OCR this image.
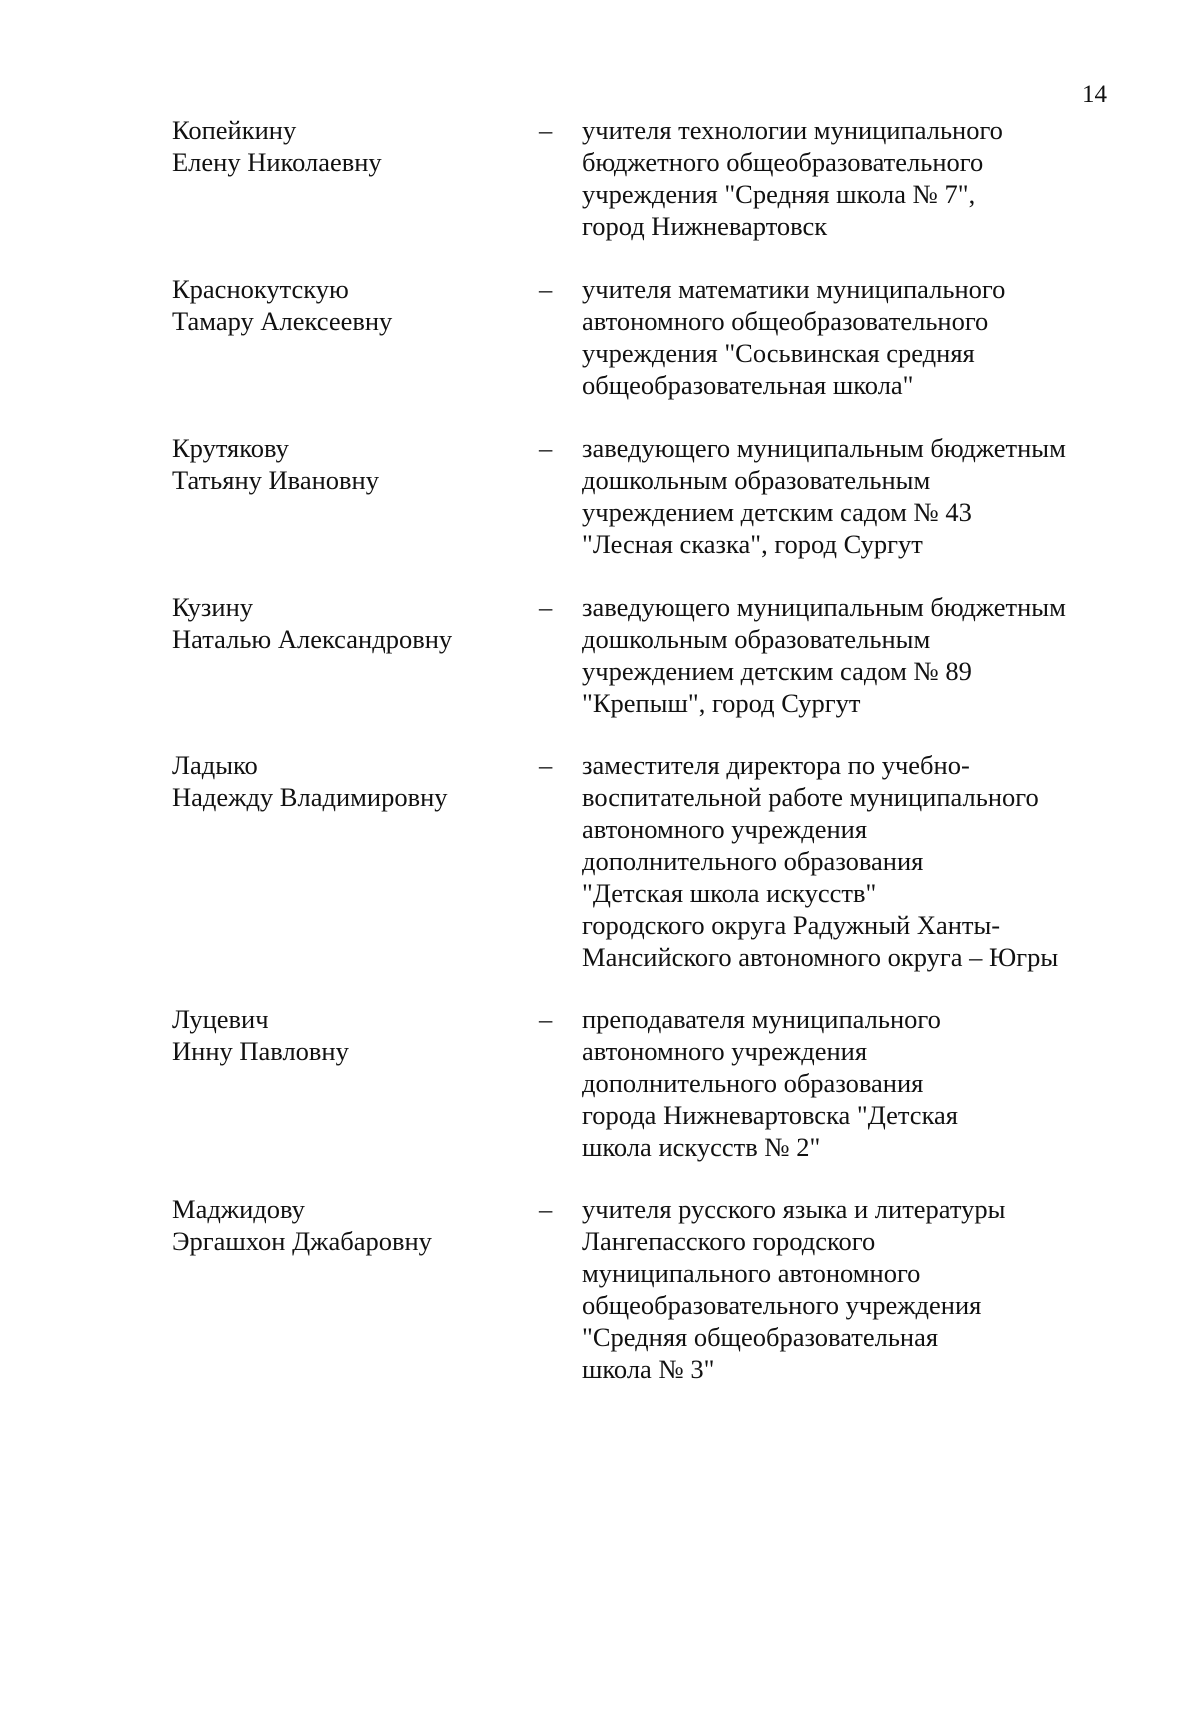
14
Копейкину
Елену Николаевну
–	учителя технологии муниципального
бюджетного общеобразовательного
учреждения "Средняя школа № 7",
город Нижневартовск
Краснокутскую
Тамару Алексеевну
–	учителя математики муниципального
автономного общеобразовательного
учреждения "Сосьвинская средняя
общеобразовательная школа"
Крутякову
Татьяну Ивановну
–	заведующего муниципальным бюджетным
дошкольным образовательным
учреждением детским садом № 43
"Лесная сказка", город Сургут
Кузину
Наталью Александровну
–	заведующего муниципальным бюджетным
дошкольным образовательным
учреждением детским садом № 89
"Крепыш", город Сургут
Ладыко
Надежду Владимировну
–	заместителя директора по учебно-
воспитательной работе муниципального
автономного учреждения
дополнительного образования
"Детская школа искусств"
городского округа Радужный Ханты-
Мансийского автономного округа – Югры
Луцевич
Инну Павловну
–	преподавателя муниципального
автономного учреждения
дополнительного образования
города Нижневартовска "Детская
школа искусств № 2"
Маджидову
Эргашхон Джабаровну
–	учителя русского языка и литературы
Лангепасского городского
муниципального автономного
общеобразовательного учреждения
"Средняя общеобразовательная
школа № 3"
